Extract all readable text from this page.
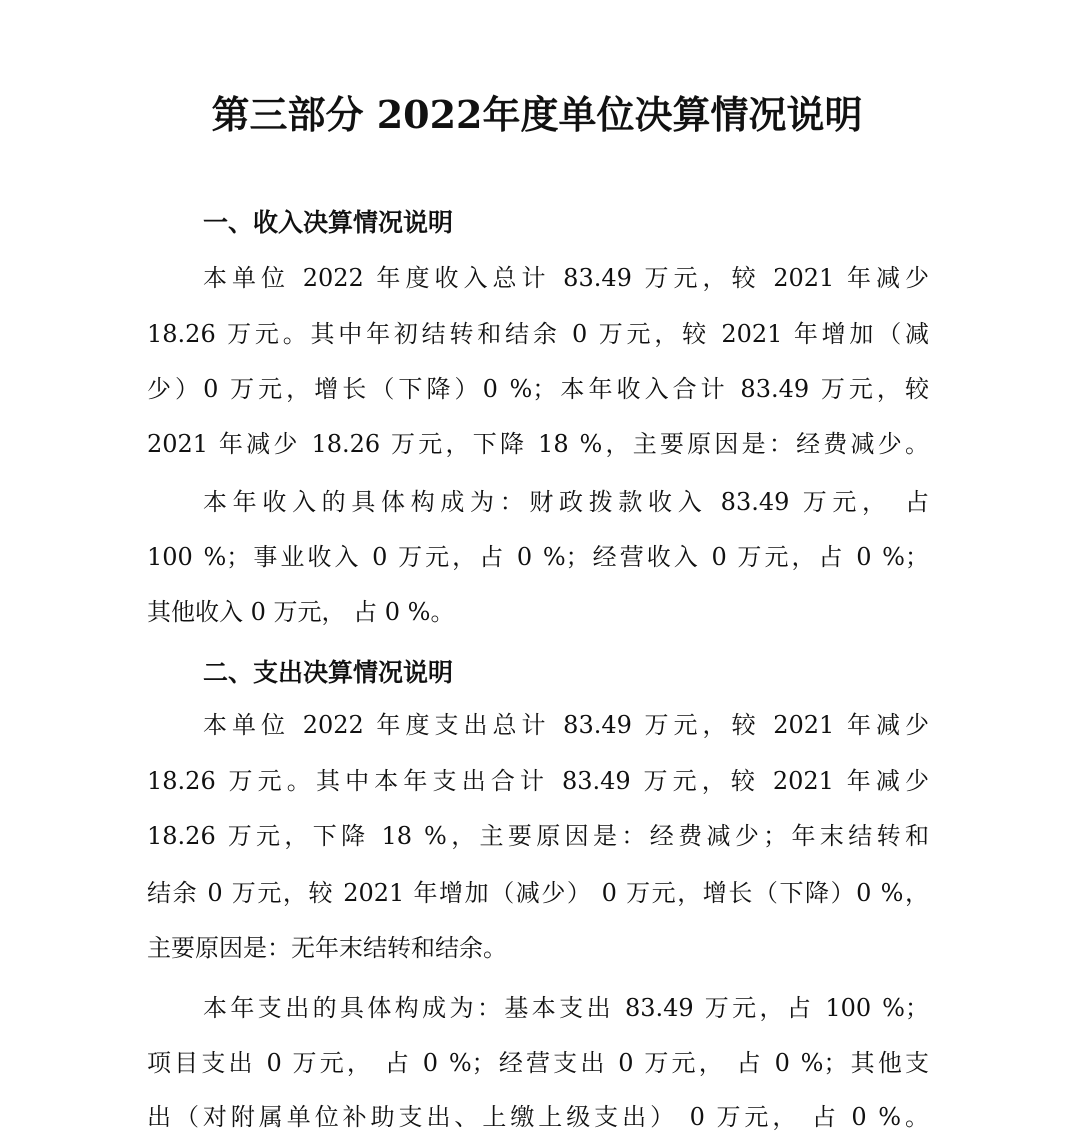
第三部分 2022年度单位决算情况说明
一、收入决算情况说明
本单位 2022 年度收入总计 83.49 万元，较 2021 年减少
18.26 万元。其中年初结转和结余 0 万元，较 2021 年增加（减
少）0 万元，增长（下降）0 %；本年收入合计 83.49 万元，较
2021 年减少 18.26 万元，下降 18 %，主要原因是：经费减少。
本年收入的具体构成为：财政拨款收入 83.49 万元， 占
100 %；事业收入 0 万元，占 0 %；经营收入 0 万元，占 0 %；
其他收入 0 万元， 占 0 %。
二、支出决算情况说明
本单位 2022 年度支出总计 83.49 万元，较 2021 年减少
18.26 万元。其中本年支出合计 83.49 万元，较 2021 年减少
18.26 万元，下降 18 %，主要原因是：经费减少；年末结转和
结余 0 万元，较 2021 年增加（减少） 0 万元，增长（下降）0 %，
主要原因是：无年末结转和结余。
本年支出的具体构成为：基本支出 83.49 万元，占 100 %；
项目支出 0 万元， 占 0 %；经营支出 0 万元， 占 0 %；其他支
出（对附属单位补助支出、上缴上级支出） 0 万元， 占 0 %。
